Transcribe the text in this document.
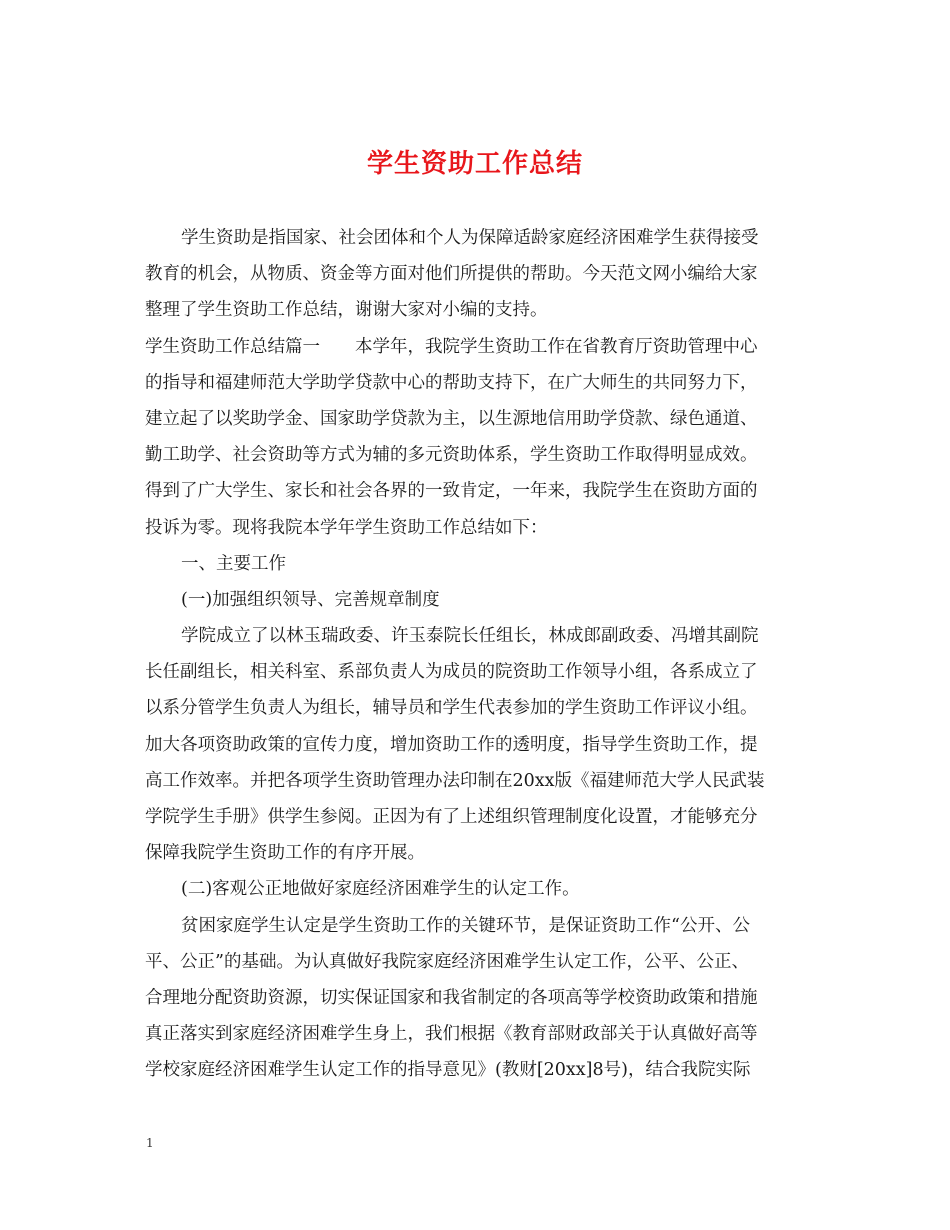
学生资助工作总结
学生资助是指国家、社会团体和个人为保障适龄家庭经济困难学生获得接受
教育的机会，从物质、资金等方面对他们所提供的帮助。今天范文网小编给大家
整理了学生资助工作总结，谢谢大家对小编的支持。
学生资助工作总结篇一　　本学年，我院学生资助工作在省教育厅资助管理中心
的指导和福建师范大学助学贷款中心的帮助支持下，在广大师生的共同努力下，
建立起了以奖助学金、国家助学贷款为主，以生源地信用助学贷款、绿色通道、
勤工助学、社会资助等方式为辅的多元资助体系，学生资助工作取得明显成效。
得到了广大学生、家长和社会各界的一致肯定，一年来，我院学生在资助方面的
投诉为零。现将我院本学年学生资助工作总结如下：
一、主要工作
(一)加强组织领导、完善规章制度
学院成立了以林玉瑞政委、许玉泰院长任组长，林成郎副政委、冯增其副院
长任副组长，相关科室、系部负责人为成员的院资助工作领导小组，各系成立了
以系分管学生负责人为组长，辅导员和学生代表参加的学生资助工作评议小组。
加大各项资助政策的宣传力度，增加资助工作的透明度，指导学生资助工作，提
高工作效率。并把各项学生资助管理办法印制在20xx版《福建师范大学人民武装
学院学生手册》供学生参阅。正因为有了上述组织管理制度化设置，才能够充分
保障我院学生资助工作的有序开展。
(二)客观公正地做好家庭经济困难学生的认定工作。
贫困家庭学生认定是学生资助工作的关键环节，是保证资助工作“公开、公
平、公正”的基础。为认真做好我院家庭经济困难学生认定工作，公平、公正、
合理地分配资助资源，切实保证国家和我省制定的各项高等学校资助政策和措施
真正落实到家庭经济困难学生身上，我们根据《教育部财政部关于认真做好高等
学校家庭经济困难学生认定工作的指导意见》(教财[20xx]8号)，结合我院实际
1
